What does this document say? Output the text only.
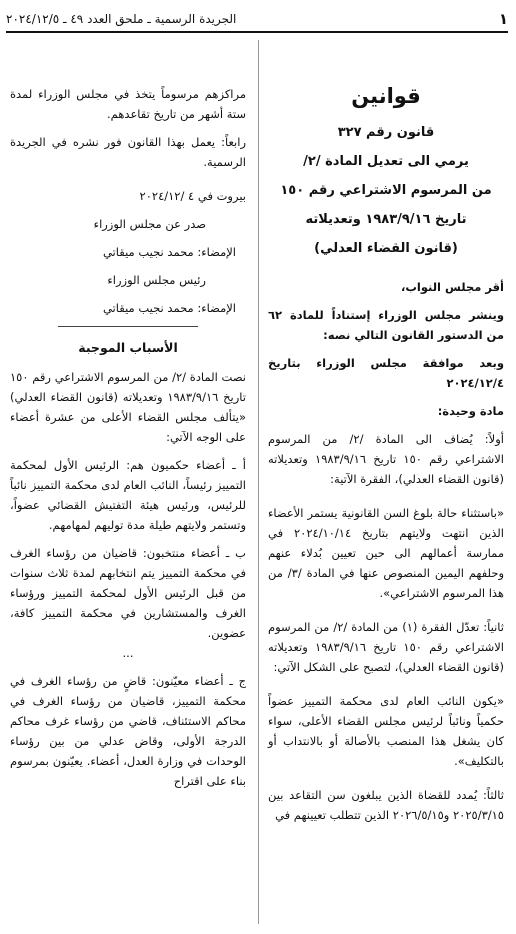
١
الجريدة الرسمية ـ ملحق العدد ٤٩ ـ ٢٠٢٤/١٢/٥

قوانين

قانون رقم ٣٢٧

يرمي الى تعديل المادة /٢/

من المرسوم الاشتراعي رقم ١٥٠

تاريخ ١٩٨٣/٩/١٦ وتعديلاته

(قانون القضاء العدلي)

أقر مجلس النواب،

وينشر مجلس الوزراء إستناداً للمادة ٦٢ من الدستور القانون التالي نصه:

وبعد موافقة مجلس الوزراء بتاريخ ٢٠٢٤/١٢/٤

مادة وحيدة:

أولاً: يُضاف الى المادة /٢/ من المرسوم الاشتراعي رقم ١٥٠ تاريخ ١٩٨٣/٩/١٦ وتعديلاته (قانون القضاء العدلي)، الفقرة الآتية:

«باستثناء حالة بلوغ السن القانونية يستمر الأعضاء الذين انتهت ولايتهم بتاريخ ٢٠٢٤/١٠/١٤ في ممارسة أعمالهم الى حين تعيين بُدلاء عنهم وحلفهم اليمين المنصوص عنها في المادة /٣/ من هذا المرسوم الاشتراعي».

ثانياً: تعدّل الفقرة (١) من المادة /٢/ من المرسوم الاشتراعي رقم ١٥٠ تاريخ ١٩٨٣/٩/١٦ وتعديلاته (قانون القضاء العدلي)، لتصبح على الشكل الآتي:

«يكون النائب العام لدى محكمة التمييز عضواً حكمياً ونائباً لرئيس مجلس القضاء الأعلى، سواء كان يشغل هذا المنصب بالأصالة أو بالانتداب أو بالتكليف».

ثالثاً: يُمدد للقضاة الذين يبلغون سن التقاعد بين ٢٠٢٥/٣/١٥ و٢٠٢٦/٥/١٥ الذين تتطلب تعيينهم في

مراكزهم مرسوماً يتخذ في مجلس الوزراء لمدة ستة أشهر من تاريخ تقاعدهم.

رابعاً: يعمل بهذا القانون فور نشره في الجريدة الرسمية.

بيروت في ٤ /٢٠٢٤/١٢

صدر عن مجلس الوزراء

الإمضاء: محمد نجيب ميقاتي

رئيس مجلس الوزراء

الإمضاء: محمد نجيب ميقاتي

الأسباب الموجبة

نصت المادة /٢/ من المرسوم الاشتراعي رقم ١٥٠ تاريخ ١٩٨٣/٩/١٦ وتعديلاته (قانون القضاء العدلي) «يتألف مجلس القضاء الأعلى من عشرة أعضاء على الوجه الآتي:

أ ـ أعضاء حكميون هم: الرئيس الأول لمحكمة التمييز رئيساً، النائب العام لدى محكمة التمييز نائباً للرئيس، ورئيس هيئة التفتيش القضائي عضواً، وتستمر ولايتهم طيلة مدة توليهم لمهامهم.

ب ـ أعضاء منتخبون: قاضيان من رؤساء الغرف في محكمة التمييز يتم انتخابهم لمدة ثلاث سنوات من قبل الرئيس الأول لمحكمة التمييز ورؤساء الغرف والمستشارين في محكمة التمييز كافة، عضوين.

...

ج ـ أعضاء معيّنون: قاضٍ من رؤساء الغرف في محكمة التمييز، قاضيان من رؤساء الغرف في محاكم الاستئناف، قاضي من رؤساء غرف محاكم الدرجة الأولى، وقاض عدلي من بين رؤساء الوحدات في وزارة العدل، أعضاء. يعيّنون بمرسوم بناء على اقتراح
